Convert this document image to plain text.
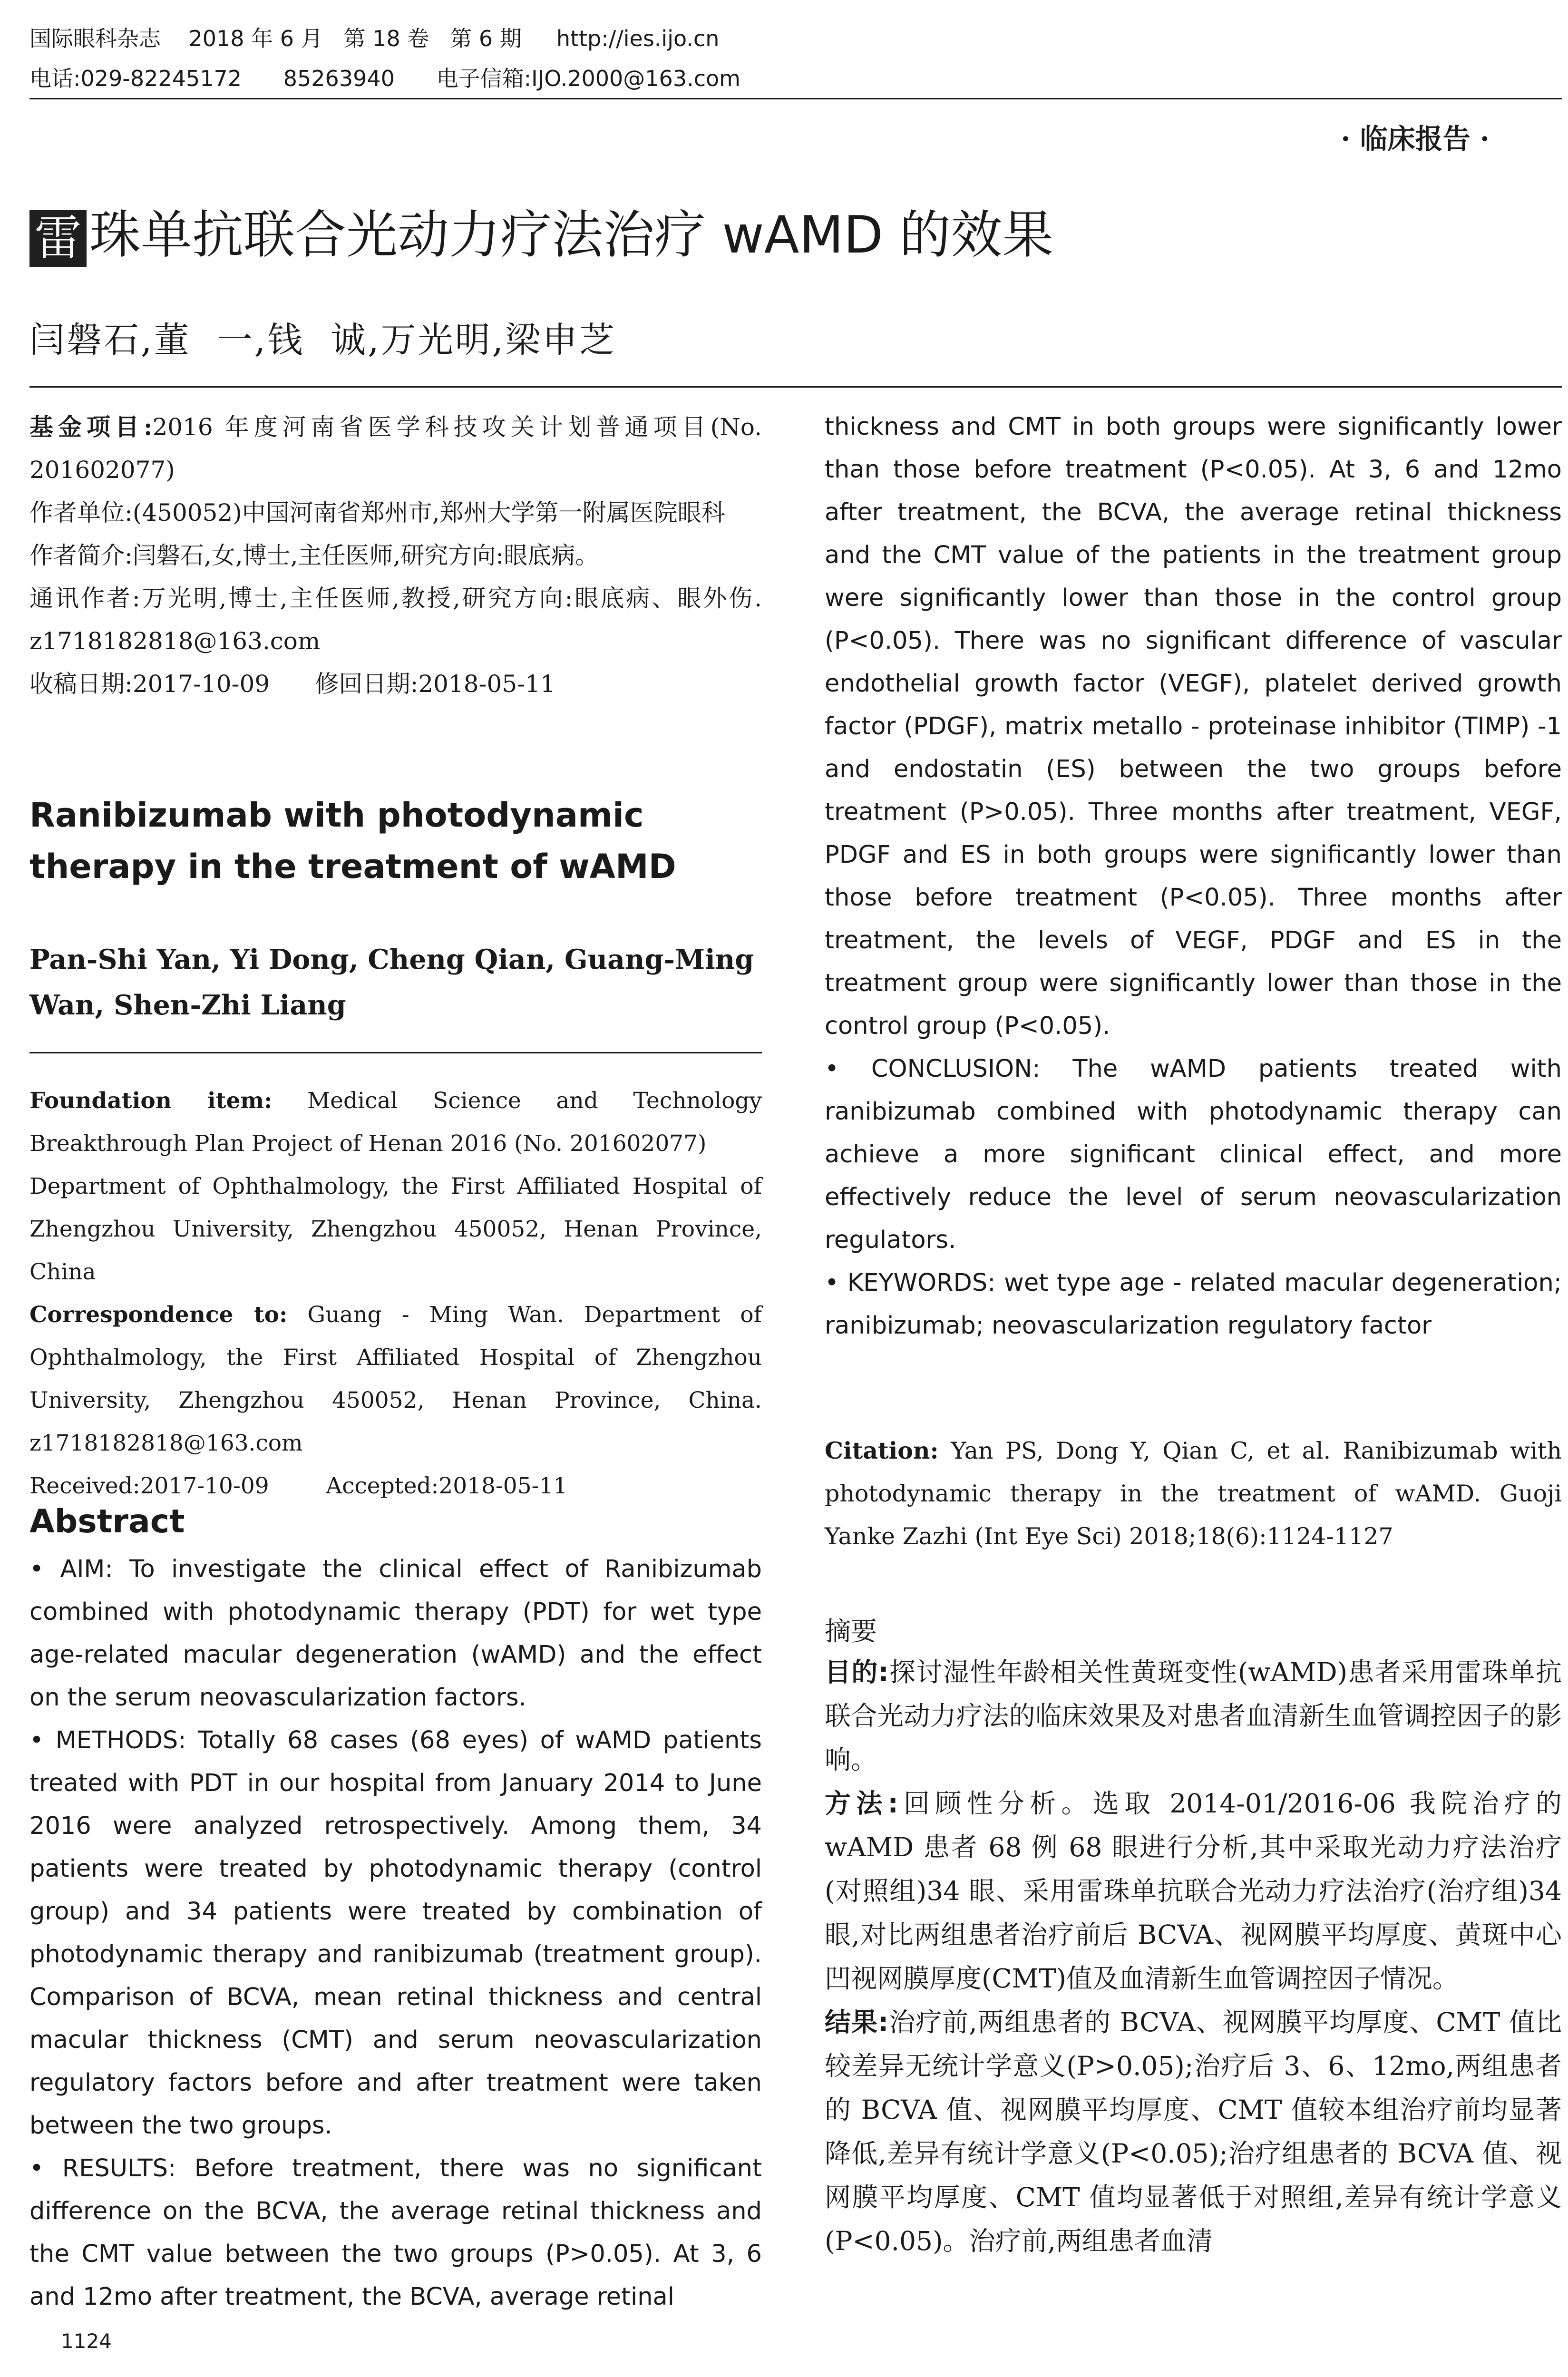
国际眼科杂志    2018 年 6 月   第 18 卷   第 6 期     http://ies.ijo.cn
电话:029-82245172      85263940      电子信箱:IJO.2000@163.com
· 临床报告 ·
雷 珠单抗联合光动力疗法治疗 wAMD 的效果
闫磐石,董  一,钱  诚,万光明,梁申芝

基金项目:2016 年度河南省医学科技攻关计划普通项目(No. 201602077)

作者单位:(450052)中国河南省郑州市,郑州大学第一附属医院眼科

作者简介:闫磐石,女,博士,主任医师,研究方向:眼底病。

通讯作者:万光明,博士,主任医师,教授,研究方向:眼底病、眼外伤. z1718182818@163.com

收稿日期:2017-10-09 修回日期:2018-05-11

Ranibizumab with photodynamic therapy in the treatment of wAMD
Pan-Shi Yan, Yi Dong, Cheng Qian, Guang-Ming Wan, Shen-Zhi Liang

Foundation item: Medical Science and Technology Breakthrough Plan Project of Henan 2016 (No. 201602077)

Department of Ophthalmology, the First Affiliated Hospital of Zhengzhou University, Zhengzhou 450052, Henan Province, China

Correspondence to: Guang - Ming Wan. Department of Ophthalmology, the First Affiliated Hospital of Zhengzhou University, Zhengzhou 450052, Henan Province, China. z1718182818@163.com

Received:2017-10-09	Accepted:2018-05-11

Abstract

• AIM: To investigate the clinical effect of Ranibizumab combined with photodynamic therapy (PDT) for wet type age-related macular degeneration (wAMD) and the effect on the serum neovascularization factors.

• METHODS: Totally 68 cases (68 eyes) of wAMD patients treated with PDT in our hospital from January 2014 to June 2016 were analyzed retrospectively. Among them, 34 patients were treated by photodynamic therapy (control group) and 34 patients were treated by combination of photodynamic therapy and ranibizumab (treatment group). Comparison of BCVA, mean retinal thickness and central macular thickness (CMT) and serum neovascularization regulatory factors before and after treatment were taken between the two groups.

• RESULTS: Before treatment, there was no significant difference on the BCVA, the average retinal thickness and the CMT value between the two groups (P>0.05). At 3, 6 and 12mo after treatment, the BCVA, average retinal

1124

thickness and CMT in both groups were significantly lower than those before treatment (P<0.05). At 3, 6 and 12mo after treatment, the BCVA, the average retinal thickness and the CMT value of the patients in the treatment group were significantly lower than those in the control group (P<0.05). There was no significant difference of vascular endothelial growth factor (VEGF), platelet derived growth factor (PDGF), matrix metallo - proteinase inhibitor (TIMP) -1 and endostatin (ES) between the two groups before treatment (P>0.05). Three months after treatment, VEGF, PDGF and ES in both groups were significantly lower than those before treatment (P<0.05). Three months after treatment, the levels of VEGF, PDGF and ES in the treatment group were significantly lower than those in the control group (P<0.05).

• CONCLUSION: The wAMD patients treated with ranibizumab combined with photodynamic therapy can achieve a more significant clinical effect, and more effectively reduce the level of serum neovascularization regulators.

• KEYWORDS: wet type age - related macular degeneration; ranibizumab; neovascularization regulatory factor

Citation: Yan PS, Dong Y, Qian C, et al. Ranibizumab with photodynamic therapy in the treatment of wAMD. Guoji Yanke Zazhi (Int Eye Sci) 2018;18(6):1124-1127
摘要

目的:探讨湿性年龄相关性黄斑变性(wAMD)患者采用雷珠单抗联合光动力疗法的临床效果及对患者血清新生血管调控因子的影响。

方法:回顾性分析。选取 2014-01/2016-06 我院治疗的 wAMD 患者 68 例 68 眼进行分析,其中采取光动力疗法治疗(对照组)34 眼、采用雷珠单抗联合光动力疗法治疗(治疗组)34 眼,对比两组患者治疗前后 BCVA、视网膜平均厚度、黄斑中心凹视网膜厚度(CMT)值及血清新生血管调控因子情况。

结果:治疗前,两组患者的 BCVA、视网膜平均厚度、CMT 值比较差异无统计学意义(P>0.05);治疗后 3、6、12mo,两组患者的 BCVA 值、视网膜平均厚度、CMT 值较本组治疗前均显著降低,差异有统计学意义(P<0.05);治疗组患者的 BCVA 值、视网膜平均厚度、CMT 值均显著低于对照组,差异有统计学意义(P<0.05)。治疗前,两组患者血清
